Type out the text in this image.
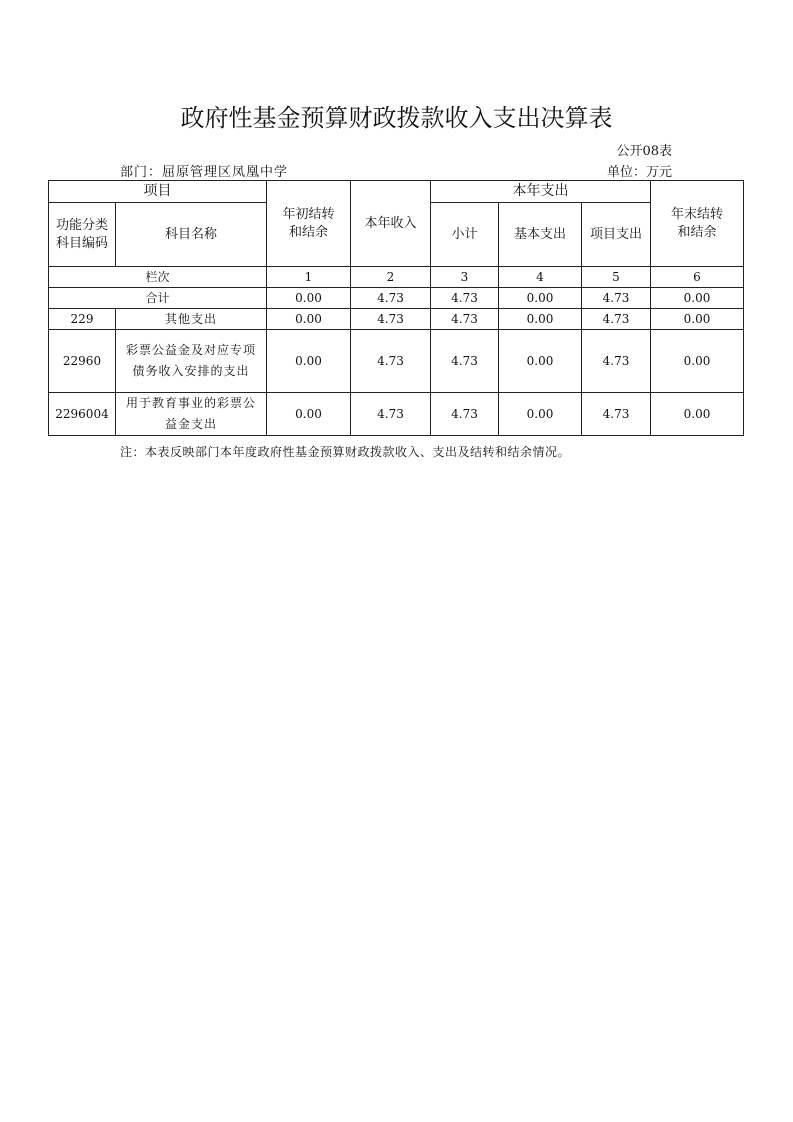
政府性基金预算财政拨款收入支出决算表
公开08表
部门：屈原管理区凤凰中学	单位：万元
项目		年初结转和结余	本年收入	本年支出			年末结转和结余

功能分类科目编码	科目名称			小计	基本支出	项目支出	

栏次		1	2	3	4	5	6
合计		0.00	4.73	4.73	0.00	4.73	0.00
229	其他支出	0.00	4.73	4.73	0.00	4.73	0.00
22960	彩票公益金及对应专项债务收入安排的支出	0.00	4.73	4.73	0.00	4.73	0.00
2296004	用于教育事业的彩票公益金支出	0.00	4.73	4.73	0.00	4.73	0.00
注：本表反映部门本年度政府性基金预算财政拨款收入、支出及结转和结余情况。
